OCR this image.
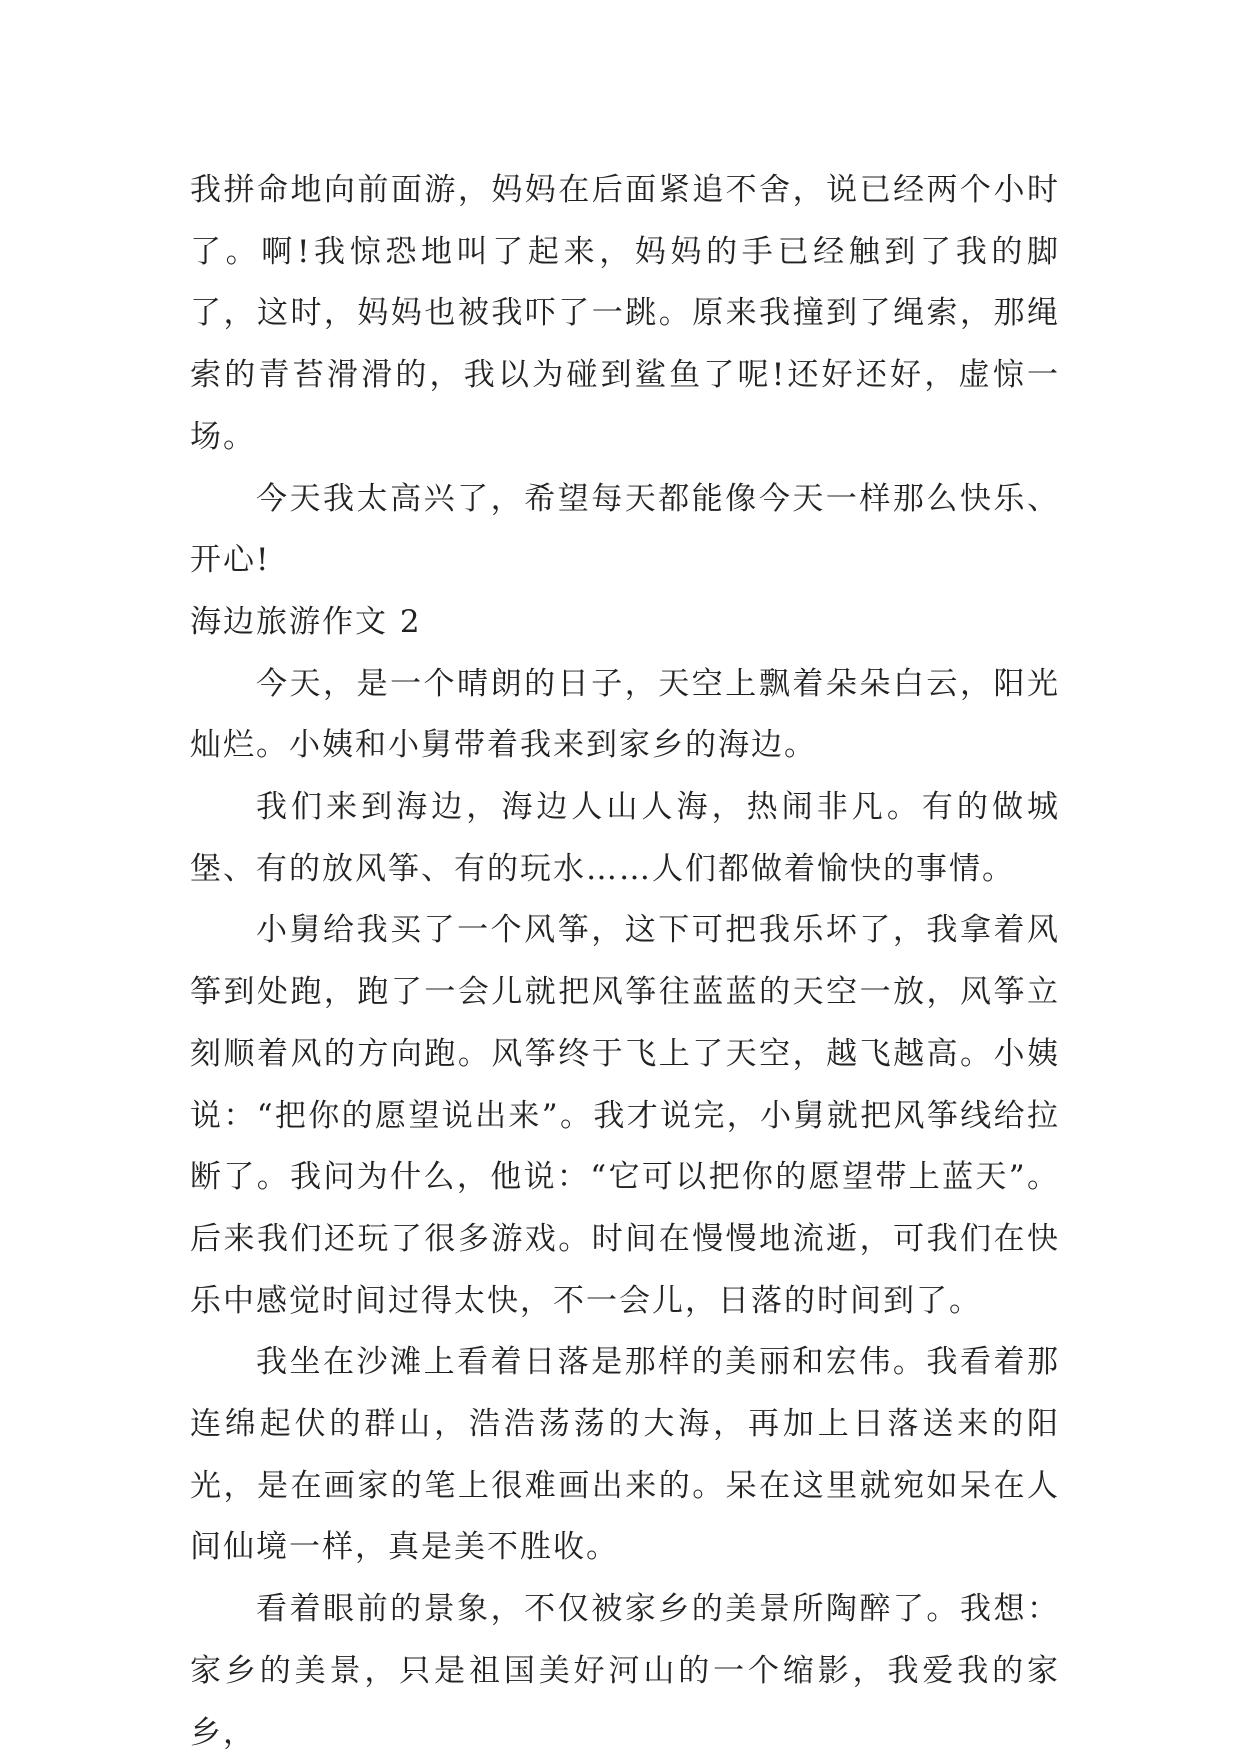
我拼命地向前面游，妈妈在后面紧追不舍，说已经两个小时了。啊!我惊恐地叫了起来，妈妈的手已经触到了我的脚了，这时，妈妈也被我吓了一跳。原来我撞到了绳索，那绳索的青苔滑滑的，我以为碰到鲨鱼了呢!还好还好，虚惊一场。

今天我太高兴了，希望每天都能像今天一样那么快乐、开心!

海边旅游作文 2

今天，是一个晴朗的日子，天空上飘着朵朵白云，阳光灿烂。小姨和小舅带着我来到家乡的海边。

我们来到海边，海边人山人海，热闹非凡。有的做城堡、有的放风筝、有的玩水……人们都做着愉快的事情。

小舅给我买了一个风筝，这下可把我乐坏了，我拿着风筝到处跑，跑了一会儿就把风筝往蓝蓝的天空一放，风筝立刻顺着风的方向跑。风筝终于飞上了天空，越飞越高。小姨说：“把你的愿望说出来”。我才说完，小舅就把风筝线给拉断了。我问为什么，他说：“它可以把你的愿望带上蓝天”。后来我们还玩了很多游戏。时间在慢慢地流逝，可我们在快乐中感觉时间过得太快，不一会儿，日落的时间到了。

我坐在沙滩上看着日落是那样的美丽和宏伟。我看着那连绵起伏的群山，浩浩荡荡的大海，再加上日落送来的阳光，是在画家的笔上很难画出来的。呆在这里就宛如呆在人间仙境一样，真是美不胜收。

看着眼前的景象，不仅被家乡的美景所陶醉了。我想：家乡的美景，只是祖国美好河山的一个缩影，我爱我的家乡，
